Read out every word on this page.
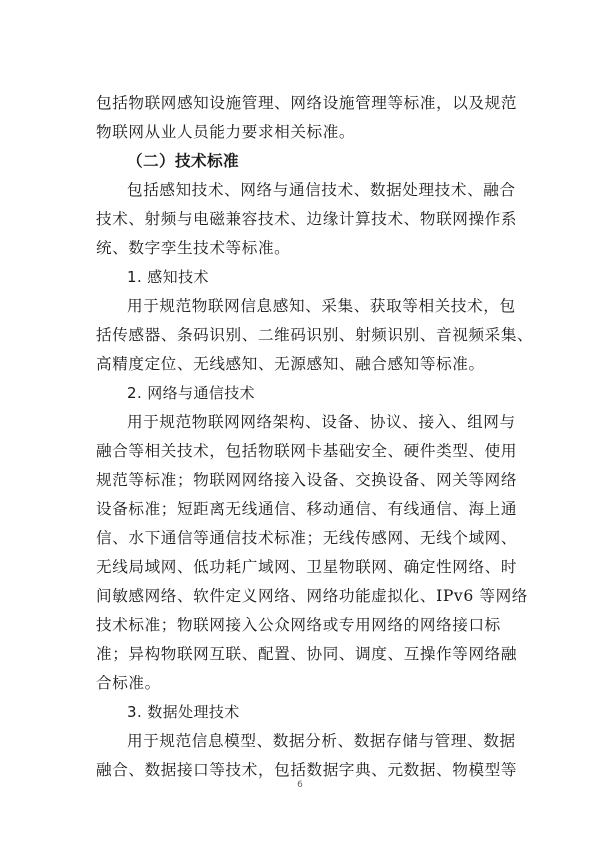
包括物联网感知设施管理、网络设施管理等标准，以及规范
物联网从业人员能力要求相关标准。
（二）技术标准
包括感知技术、网络与通信技术、数据处理技术、融合
技术、射频与电磁兼容技术、边缘计算技术、物联网操作系
统、数字孪生技术等标准。
1. 感知技术
用于规范物联网信息感知、采集、获取等相关技术，包
括传感器、条码识别、二维码识别、射频识别、音视频采集、
高精度定位、无线感知、无源感知、融合感知等标准。
2. 网络与通信技术
用于规范物联网网络架构、设备、协议、接入、组网与
融合等相关技术，包括物联网卡基础安全、硬件类型、使用
规范等标准；物联网网络接入设备、交换设备、网关等网络
设备标准；短距离无线通信、移动通信、有线通信、海上通
信、水下通信等通信技术标准；无线传感网、无线个域网、
无线局域网、低功耗广域网、卫星物联网、确定性网络、时
间敏感网络、软件定义网络、网络功能虚拟化、IPv6 等网络
技术标准；物联网接入公众网络或专用网络的网络接口标
准；异构物联网互联、配置、协同、调度、互操作等网络融
合标准。
3. 数据处理技术
用于规范信息模型、数据分析、数据存储与管理、数据
融合、数据接口等技术，包括数据字典、元数据、物模型等
6
